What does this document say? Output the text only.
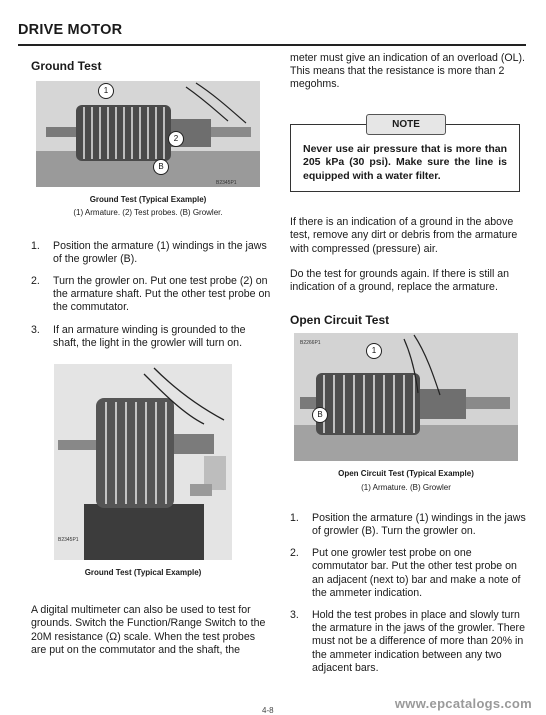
DRIVE MOTOR
Ground Test
1
2
B
B2345P1
Ground Test (Typical Example)
(1) Armature. (2) Test probes. (B) Growler.
1. Position the armature (1) windings in the jaws of the growler (B).
2. Turn the growler on. Put one test probe (2) on the armature shaft. Put the other test probe on the commutator.
3. If an armature winding is grounded to the shaft, the light in the growler will turn on.
B2345P1
Ground Test (Typical Example)

A digital multimeter can also be used to test for grounds. Switch the Function/Range Switch to the 20M resistance (Ω) scale. When the test probes are put on the commutator and the shaft, the

meter must give an indication of an overload (OL). This means that the resistance is more than 2 megohms.

NOTE
Never use air pressure that is more than 205 kPa (30 psi). Make sure the line is equipped with a water filter.

If there is an indication of a ground in the above test, remove any dirt or debris from the armature with compressed (pressure) air.

Do the test for grounds again. If there is still an indication of a ground, replace the armature.

Open Circuit Test
1
B
B2266P1
Open Circuit Test (Typical Example)
(1) Armature. (B) Growler
1. Position the armature (1) windings in the jaws of growler (B). Turn the growler on.
2. Put one growler test probe on one commutator bar. Put the other test probe on an adjacent (next to) bar and make a note of the ammeter indication.
3. Hold the test probes in place and slowly turn the armature in the jaws of the growler. There must not be a difference of more than 20% in the ammeter indication between any two adjacent bars.
4-8	www.epcatalogs.com
